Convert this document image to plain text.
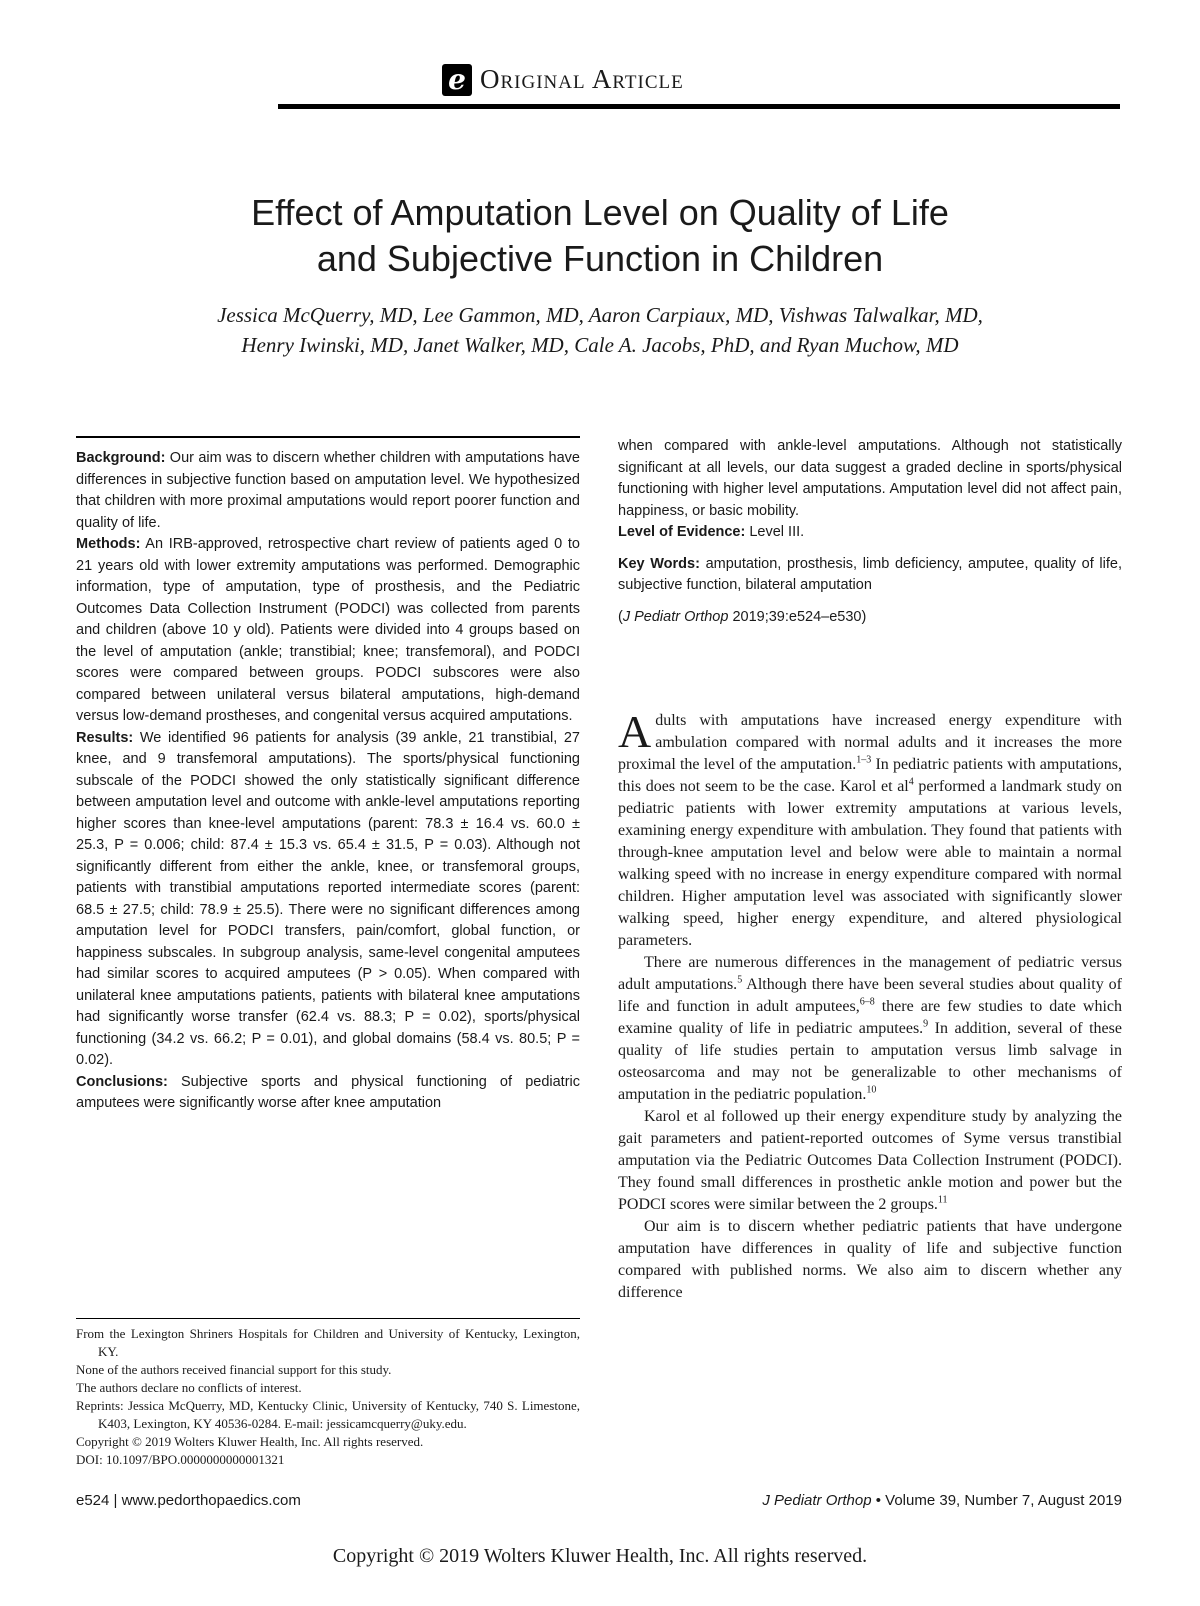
e Original Article
Effect of Amputation Level on Quality of Life
and Subjective Function in Children
Jessica McQuerry, MD, Lee Gammon, MD, Aaron Carpiaux, MD, Vishwas Talwalkar, MD,
Henry Iwinski, MD, Janet Walker, MD, Cale A. Jacobs, PhD, and Ryan Muchow, MD

Background: Our aim was to discern whether children with amputations have differences in subjective function based on amputation level. We hypothesized that children with more proximal amputations would report poorer function and quality of life.

Methods: An IRB-approved, retrospective chart review of patients aged 0 to 21 years old with lower extremity amputations was performed. Demographic information, type of amputation, type of prosthesis, and the Pediatric Outcomes Data Collection Instrument (PODCI) was collected from parents and children (above 10 y old). Patients were divided into 4 groups based on the level of amputation (ankle; transtibial; knee; transfemoral), and PODCI scores were compared between groups. PODCI subscores were also compared between unilateral versus bilateral amputations, high-demand versus low-demand prostheses, and congenital versus acquired amputations.

Results: We identified 96 patients for analysis (39 ankle, 21 transtibial, 27 knee, and 9 transfemoral amputations). The sports/physical functioning subscale of the PODCI showed the only statistically significant difference between amputation level and outcome with ankle-level amputations reporting higher scores than knee-level amputations (parent: 78.3 ± 16.4 vs. 60.0 ± 25.3, P = 0.006; child: 87.4 ± 15.3 vs. 65.4 ± 31.5, P = 0.03). Although not significantly different from either the ankle, knee, or transfemoral groups, patients with transtibial amputations reported intermediate scores (parent: 68.5 ± 27.5; child: 78.9 ± 25.5). There were no significant differences among amputation level for PODCI transfers, pain/comfort, global function, or happiness subscales. In subgroup analysis, same-level congenital amputees had similar scores to acquired amputees (P > 0.05). When compared with unilateral knee amputations patients, patients with bilateral knee amputations had significantly worse transfer (62.4 vs. 88.3; P = 0.02), sports/physical functioning (34.2 vs. 66.2; P = 0.01), and global domains (58.4 vs. 80.5; P = 0.02).

Conclusions: Subjective sports and physical functioning of pediatric amputees were significantly worse after knee amputation

when compared with ankle-level amputations. Although not statistically significant at all levels, our data suggest a graded decline in sports/physical functioning with higher level amputations. Amputation level did not affect pain, happiness, or basic mobility.

Level of Evidence: Level III.

Key Words: amputation, prosthesis, limb deficiency, amputee, quality of life, subjective function, bilateral amputation

(J Pediatr Orthop 2019;39:e524–e530)

From the Lexington Shriners Hospitals for Children and University of Kentucky, Lexington, KY.

None of the authors received financial support for this study.

The authors declare no conflicts of interest.

Reprints: Jessica McQuerry, MD, Kentucky Clinic, University of Kentucky, 740 S. Limestone, K403, Lexington, KY 40536-0284. E-mail: jessicamcquerry@uky.edu.

Copyright © 2019 Wolters Kluwer Health, Inc. All rights reserved.

DOI: 10.1097/BPO.0000000000001321

Adults with amputations have increased energy expenditure with ambulation compared with normal adults and it increases the more proximal the level of the amputation.$^{1-3}$ In pediatric patients with amputations, this does not seem to be the case. Karol et $al^4$ performed a landmark study on pediatric patients with lower extremity amputations at various levels, examining energy expenditure with ambulation. They found that patients with through-knee amputation level and below were able to maintain a normal walking speed with no increase in energy expenditure compared with normal children. Higher amputation level was associated with significantly slower walking speed, higher energy expenditure, and altered physiological parameters.

There are numerous differences in the management of pediatric versus adult amputations.$^5$ Although there have been several studies about quality of life and function in adult amputees,$^{6-8}$ there are few studies to date which examine quality of life in pediatric amputees.$^9$ In addition, several of these quality of life studies pertain to amputation versus limb salvage in osteosarcoma and may not be generalizable to other mechanisms of amputation in the pediatric population.$^{10}$

Karol et al followed up their energy expenditure study by analyzing the gait parameters and patient-reported outcomes of Syme versus transtibial amputation via the Pediatric Outcomes Data Collection Instrument (PODCI). They found small differences in prosthetic ankle motion and power but the PODCI scores were similar between the 2 groups.$^{11}$

Our aim is to discern whether pediatric patients that have undergone amputation have differences in quality of life and subjective function compared with published norms. We also aim to discern whether any difference

e524 | www.pedorthopaedics.com	J Pediatr Orthop • Volume 39, Number 7, August 2019
Copyright © 2019 Wolters Kluwer Health, Inc. All rights reserved.
